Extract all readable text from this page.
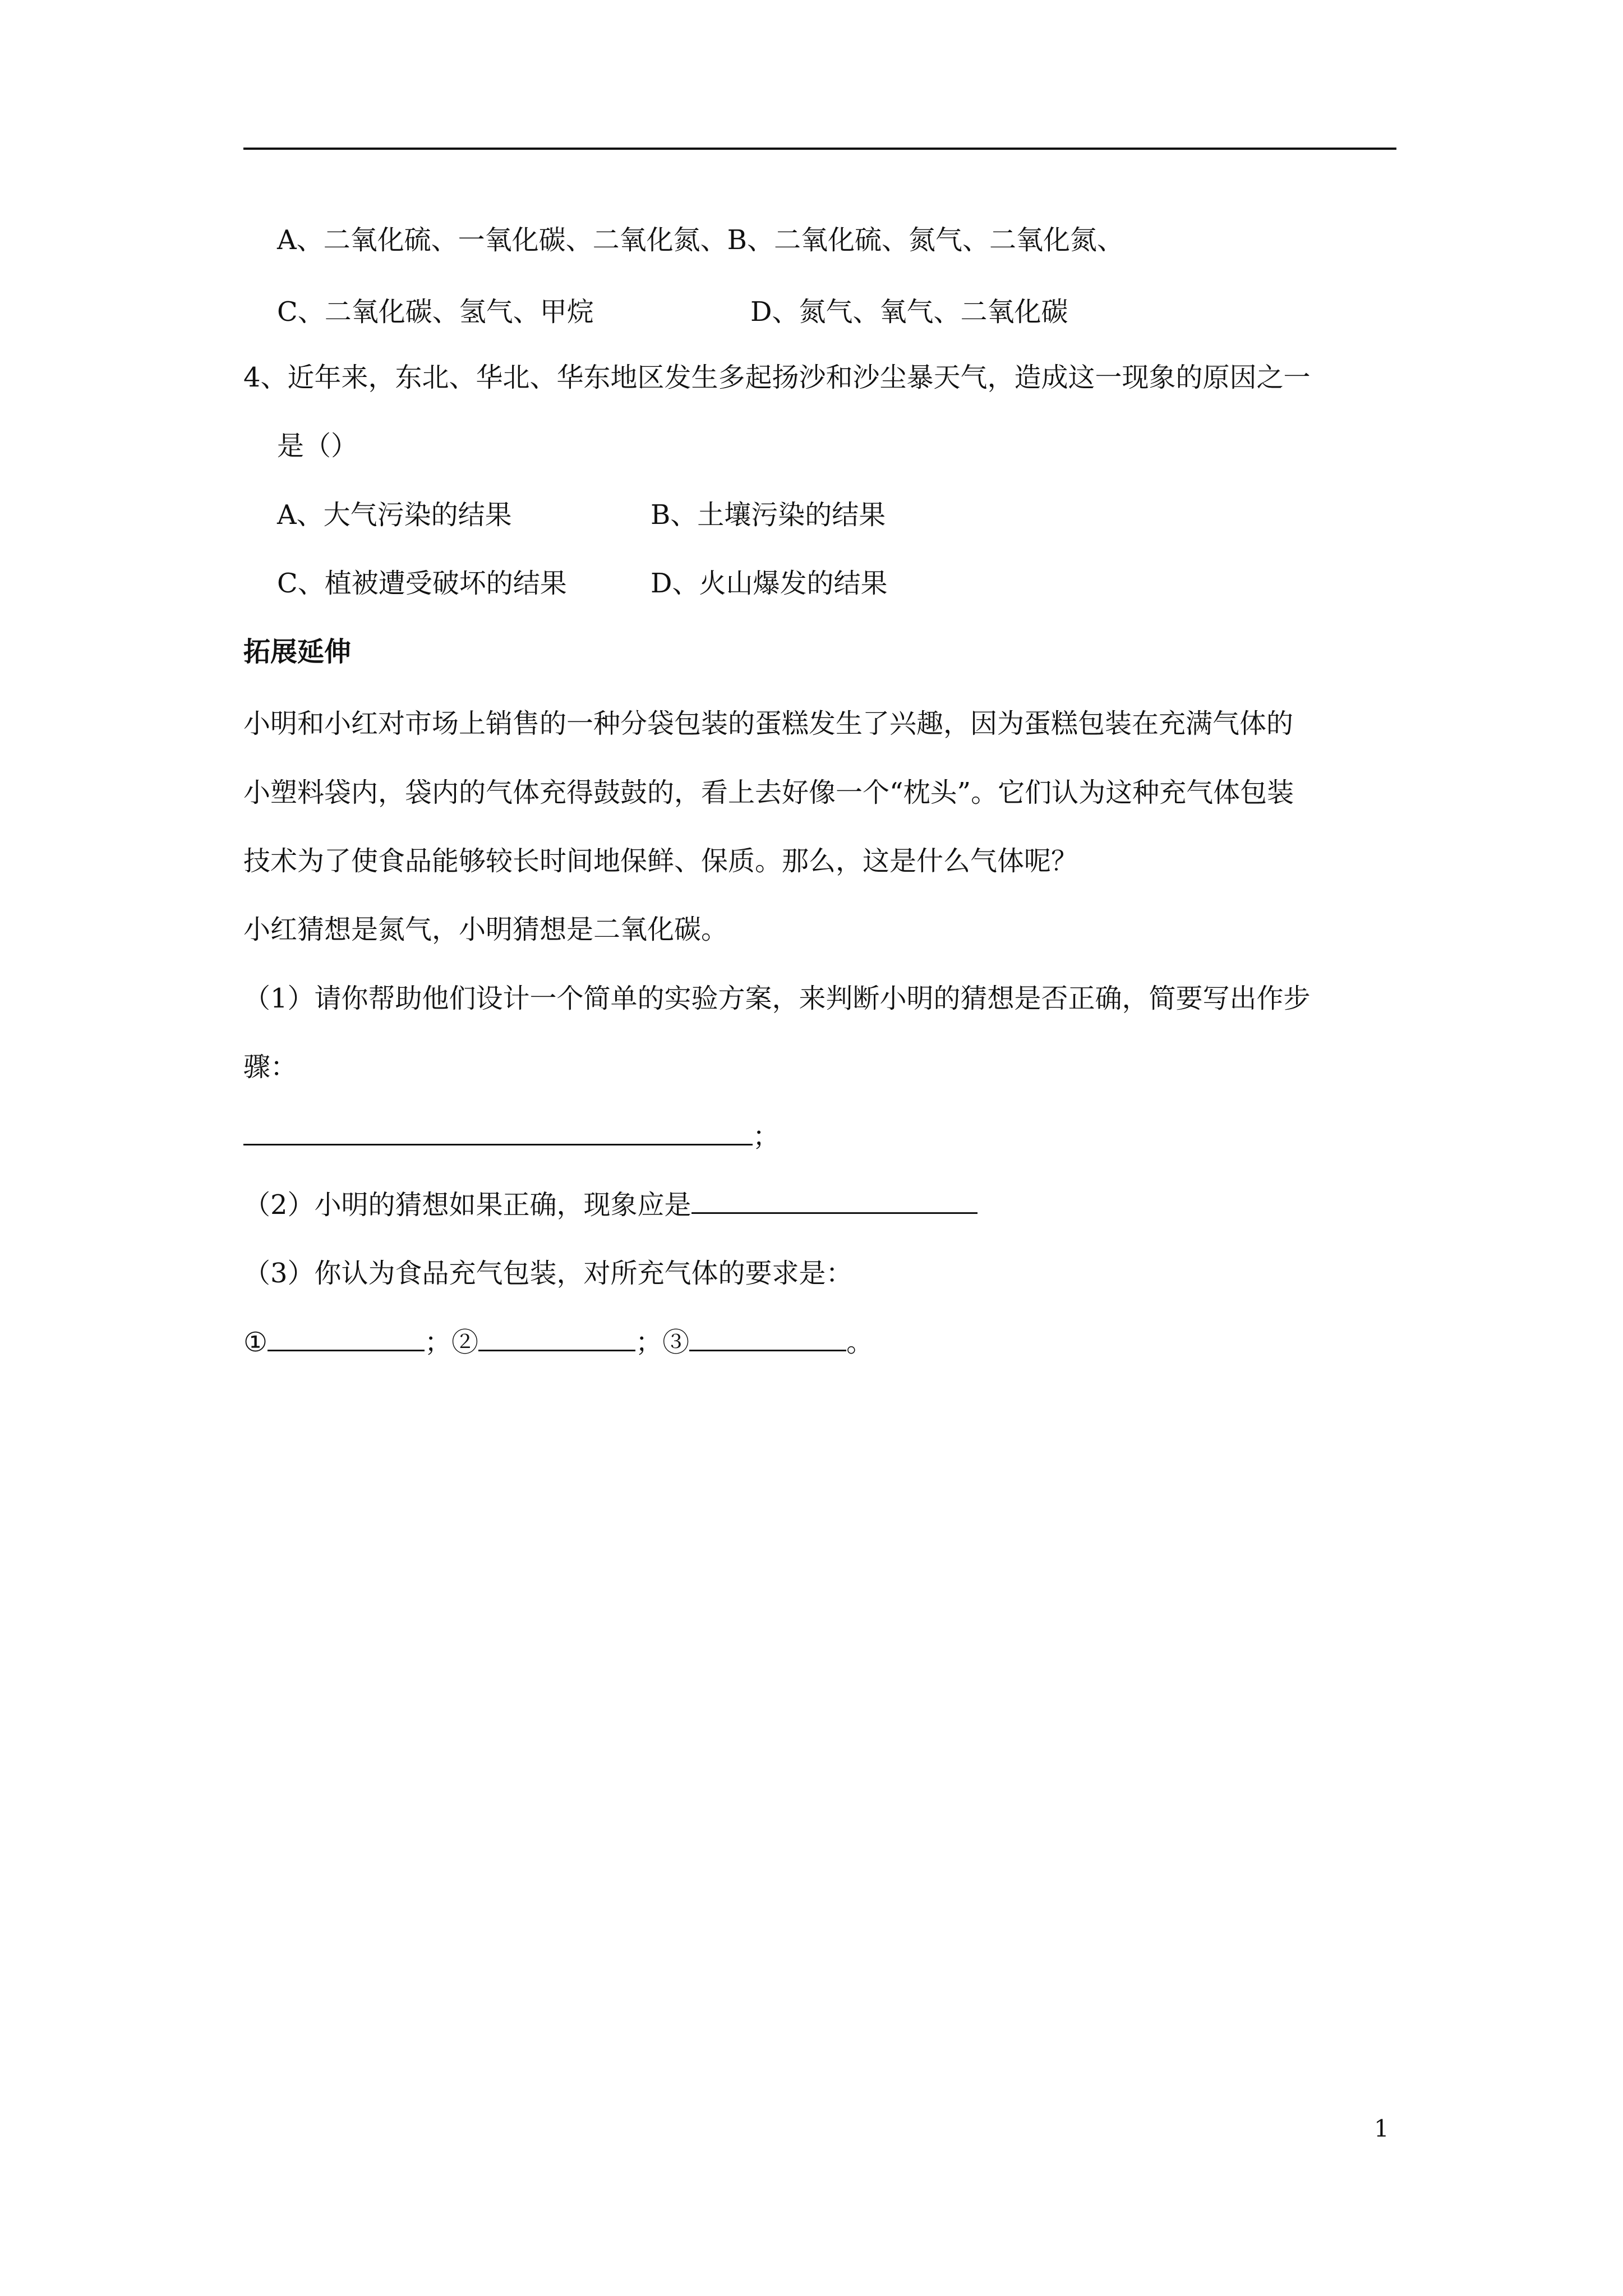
A、二氧化硫、一氧化碳、二氧化氮、B、二氧化硫、氮气、二氧化氮、
C、二氧化碳、氢气、甲烷	D、氮气、氧气、二氧化碳
4、近年来，东北、华北、华东地区发生多起扬沙和沙尘暴天气，造成这一现象的原因之一
是（）
A、大气污染的结果	B、土壤污染的结果
C、植被遭受破坏的结果	D、火山爆发的结果
拓展延伸
小明和小红对市场上销售的一种分袋包装的蛋糕发生了兴趣，因为蛋糕包装在充满气体的
小塑料袋内，袋内的气体充得鼓鼓的，看上去好像一个“枕头”。它们认为这种充气体包装
技术为了使食品能够较长时间地保鲜、保质。那么，这是什么气体呢？
小红猜想是氮气，小明猜想是二氧化碳。
（1）请你帮助他们设计一个简单的实验方案，来判断小明的猜想是否正确，简要写出作步
骤：
；
（2）小明的猜想如果正确，现象应是
（3）你认为食品充气包装，对所充气体的要求是：
①	；②	；③	。
1
